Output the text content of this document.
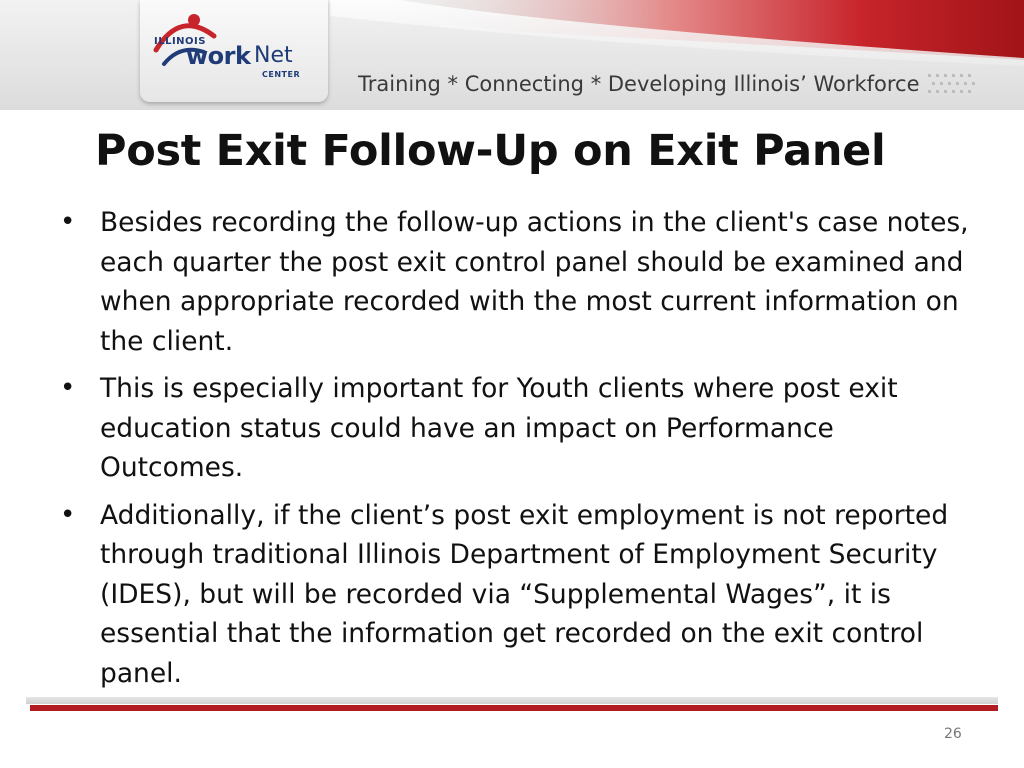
ILLINOIS
work Net
CENTER	Training * Connecting * Developing Illinois’ Workforce
Post Exit Follow-Up on Exit Panel
• Besides recording the follow-up actions in the client's case notes, each quarter the post exit control panel should be examined and when appropriate recorded with the most current information on the client.
• This is especially important for Youth clients where post exit education status could have an impact on Performance Outcomes.
• Additionally, if the client’s post exit employment is not reported through traditional Illinois Department of Employment Security (IDES), but will be recorded via “Supplemental Wages”, it is essential that the information get recorded on the exit control panel.
26
